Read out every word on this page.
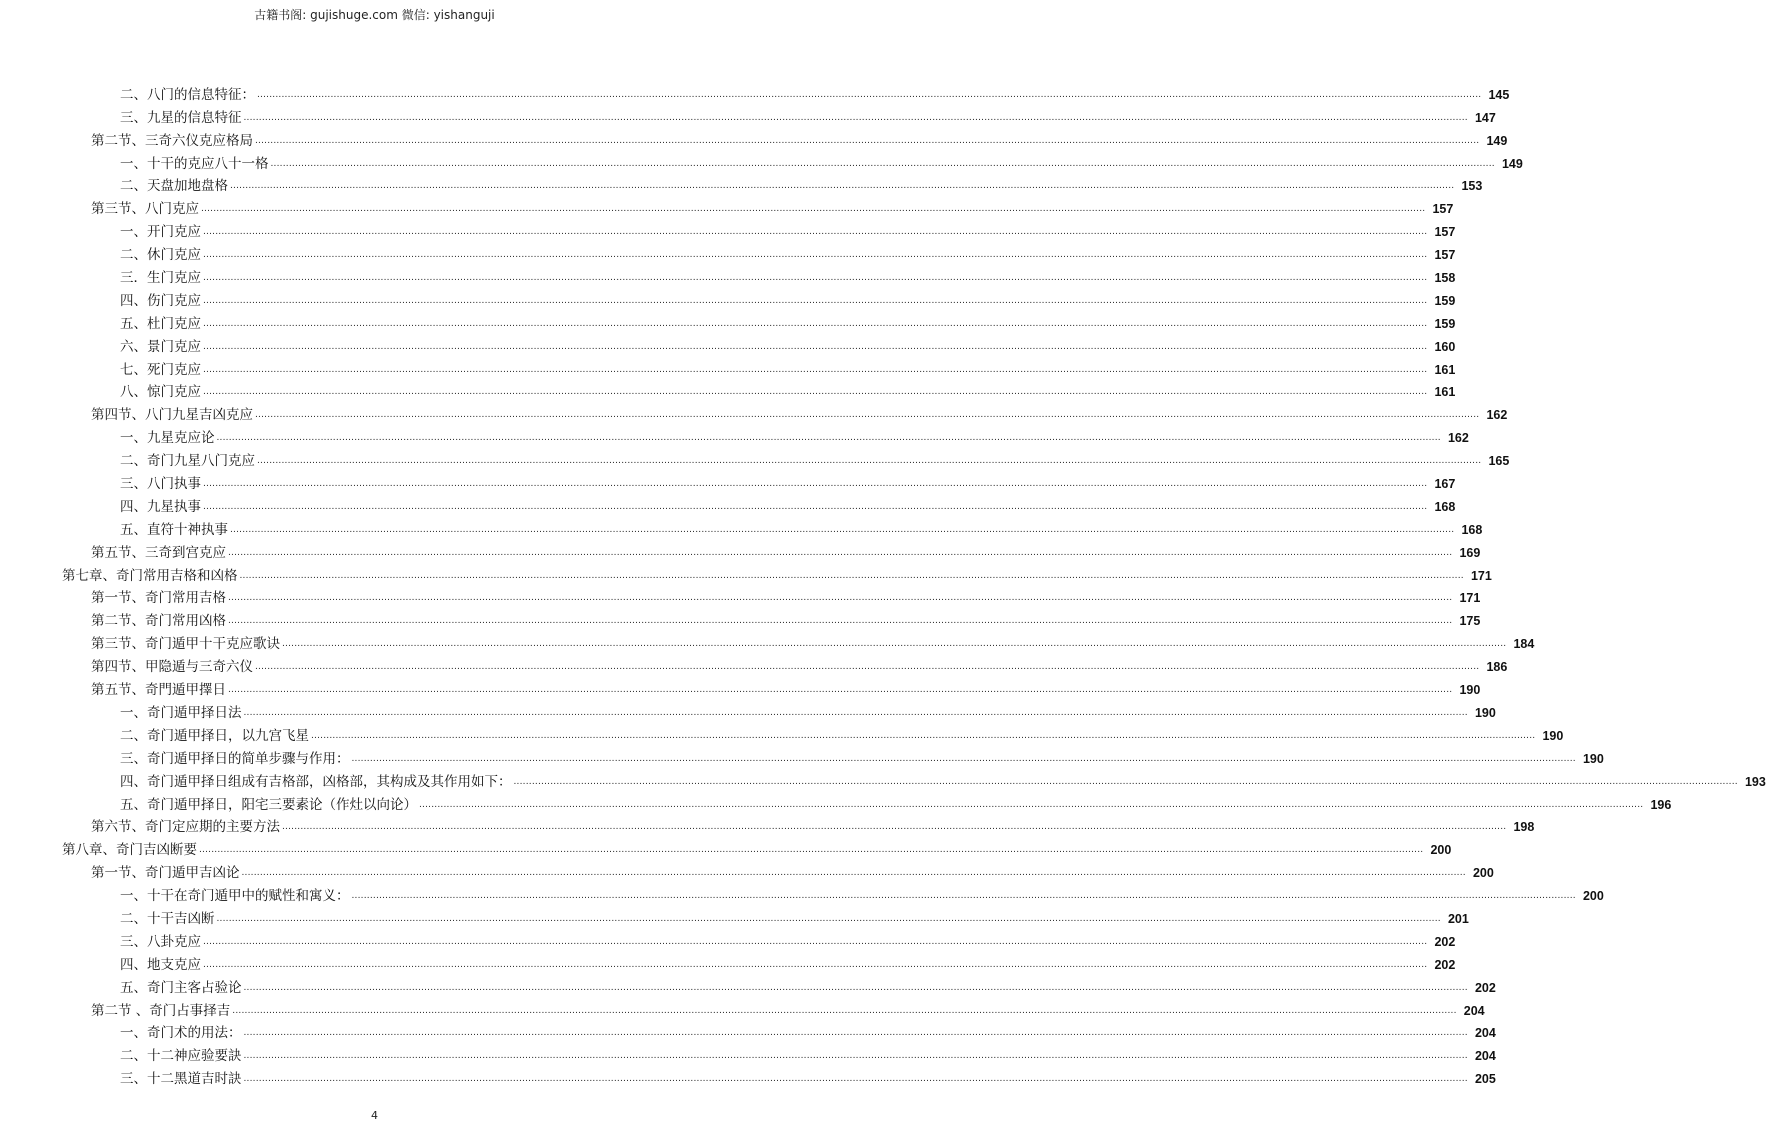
古籍书阁: gujishuge.com 微信: yishanguji
二、八门的信息特征： ................................................................................................................................................................................................................................................................................................................................................................................................................ 145
三、九星的信息特征 ................................................................................................................................................................................................................................................................................................................................................................................................................ 147
第二节、三奇六仪克应格局 ................................................................................................................................................................................................................................................................................................................................................................................................................ 149
一、十干的克应八十一格 ................................................................................................................................................................................................................................................................................................................................................................................................................ 149
二、天盘加地盘格 ................................................................................................................................................................................................................................................................................................................................................................................................................ 153
第三节、八门克应 ................................................................................................................................................................................................................................................................................................................................................................................................................ 157
一、开门克应 ................................................................................................................................................................................................................................................................................................................................................................................................................ 157
二、休门克应 ................................................................................................................................................................................................................................................................................................................................................................................................................ 157
三．生门克应 ................................................................................................................................................................................................................................................................................................................................................................................................................ 158
四、伤门克应 ................................................................................................................................................................................................................................................................................................................................................................................................................ 159
五、杜门克应 ................................................................................................................................................................................................................................................................................................................................................................................................................ 159
六、景门克应 ................................................................................................................................................................................................................................................................................................................................................................................................................ 160
七、死门克应 ................................................................................................................................................................................................................................................................................................................................................................................................................ 161
八、惊门克应 ................................................................................................................................................................................................................................................................................................................................................................................................................ 161
第四节、八门九星吉凶克应 ................................................................................................................................................................................................................................................................................................................................................................................................................ 162
一、九星克应论 ................................................................................................................................................................................................................................................................................................................................................................................................................ 162
二、奇门九星八门克应 ................................................................................................................................................................................................................................................................................................................................................................................................................ 165
三、八门执事 ................................................................................................................................................................................................................................................................................................................................................................................................................ 167
四、九星执事 ................................................................................................................................................................................................................................................................................................................................................................................................................ 168
五、直符十神执事 ................................................................................................................................................................................................................................................................................................................................................................................................................ 168
第五节、三奇到宫克应 ................................................................................................................................................................................................................................................................................................................................................................................................................ 169
第七章、奇门常用吉格和凶格 ................................................................................................................................................................................................................................................................................................................................................................................................................ 171
第一节、奇门常用吉格 ................................................................................................................................................................................................................................................................................................................................................................................................................ 171
第二节、奇门常用凶格 ................................................................................................................................................................................................................................................................................................................................................................................................................ 175
第三节、奇门遁甲十干克应歌诀 ................................................................................................................................................................................................................................................................................................................................................................................................................ 184
第四节、甲隐遁与三奇六仪 ................................................................................................................................................................................................................................................................................................................................................................................................................ 186
第五节、奇門遁甲擇日 ................................................................................................................................................................................................................................................................................................................................................................................................................ 190
一、奇门遁甲择日法 ................................................................................................................................................................................................................................................................................................................................................................................................................ 190
二、奇门遁甲择日，以九宫飞星 ................................................................................................................................................................................................................................................................................................................................................................................................................ 190
三、奇门遁甲择日的简单步骤与作用： ................................................................................................................................................................................................................................................................................................................................................................................................................ 190
四、奇门遁甲择日组成有吉格部，凶格部，其构成及其作用如下： ................................................................................................................................................................................................................................................................................................................................................................................................................ 193
五、奇门遁甲择日，阳宅三要素论（作灶以向论） ................................................................................................................................................................................................................................................................................................................................................................................................................ 196
第六节、奇门定应期的主要方法 ................................................................................................................................................................................................................................................................................................................................................................................................................ 198
第八章、奇门吉凶断要 ................................................................................................................................................................................................................................................................................................................................................................................................................ 200
第一节、奇门遁甲吉凶论 ................................................................................................................................................................................................................................................................................................................................................................................................................ 200
一、十干在奇门遁甲中的赋性和寓义： ................................................................................................................................................................................................................................................................................................................................................................................................................ 200
二、十干吉凶断 ................................................................................................................................................................................................................................................................................................................................................................................................................ 201
三、八卦克应 ................................................................................................................................................................................................................................................................................................................................................................................................................ 202
四、地支克应 ................................................................................................................................................................................................................................................................................................................................................................................................................ 202
五、奇门主客占验论 ................................................................................................................................................................................................................................................................................................................................................................................................................ 202
第二节 、奇门占事择吉 ................................................................................................................................................................................................................................................................................................................................................................................................................ 204
一、奇门术的用法： ................................................................................................................................................................................................................................................................................................................................................................................................................ 204
二、十二神应验要訣 ................................................................................................................................................................................................................................................................................................................................................................................................................ 204
三、十二黑道吉时訣 ................................................................................................................................................................................................................................................................................................................................................................................................................ 205
4
